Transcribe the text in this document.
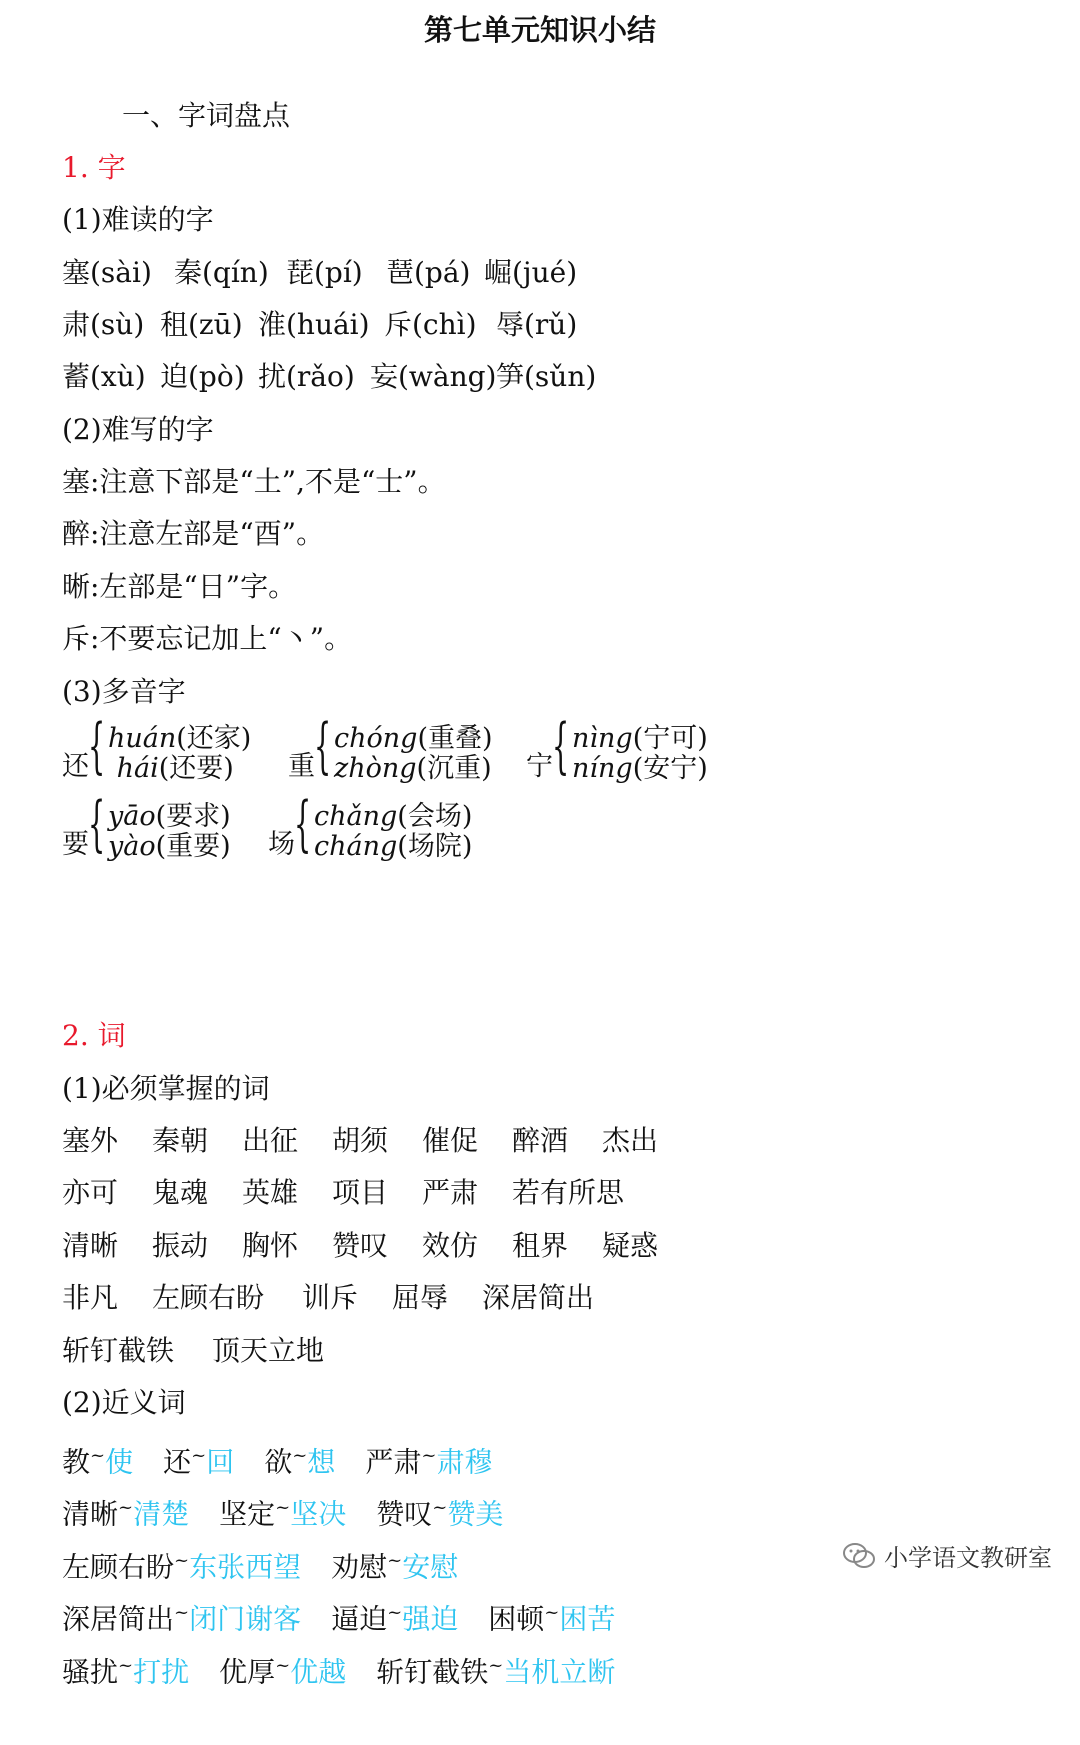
第七单元知识小结
一、字词盘点
1. 字
(1)难读的字
塞(sài) 秦(qín) 琵(pí) 琶(pá) 崛(jué)
肃(sù) 租(zū) 淮(huái) 斥(chì) 辱(rǔ)
蓄(xù) 迫(pò) 扰(rǎo) 妄(wàng)笋(sǔn)
(2)难写的字
塞:注意下部是“土”,不是“士”。
醉:注意左部是“酉”。
晰:左部是“日”字。
斥:不要忘记加上“丶”。
(3)多音字
还 { huán(还家)
hái(还要) 重 { chóng(重叠)
zhòng(沉重) 宁 { nìng(宁可)
níng(安宁)
要 { yāo(要求)
yào(重要) 场 { chǎng(会场)
cháng(场院)
2. 词
(1)必须掌握的词
塞外 秦朝 出征 胡须 催促 醉酒 杰出
亦可 鬼魂 英雄 项目 严肃 若有所思
清晰 振动 胸怀 赞叹 效仿 租界 疑惑
非凡 左顾右盼 训斥 屈辱 深居简出
斩钉截铁 顶天立地
(2)近义词
教~使 还~回 欲~想 严肃~肃穆
清晰~清楚 坚定~坚决 赞叹~赞美
左顾右盼~东张西望 劝慰~安慰
深居简出~闭门谢客 逼迫~强迫 困顿~困苦
骚扰~打扰 优厚~优越 斩钉截铁~当机立断
小学语文教研室
